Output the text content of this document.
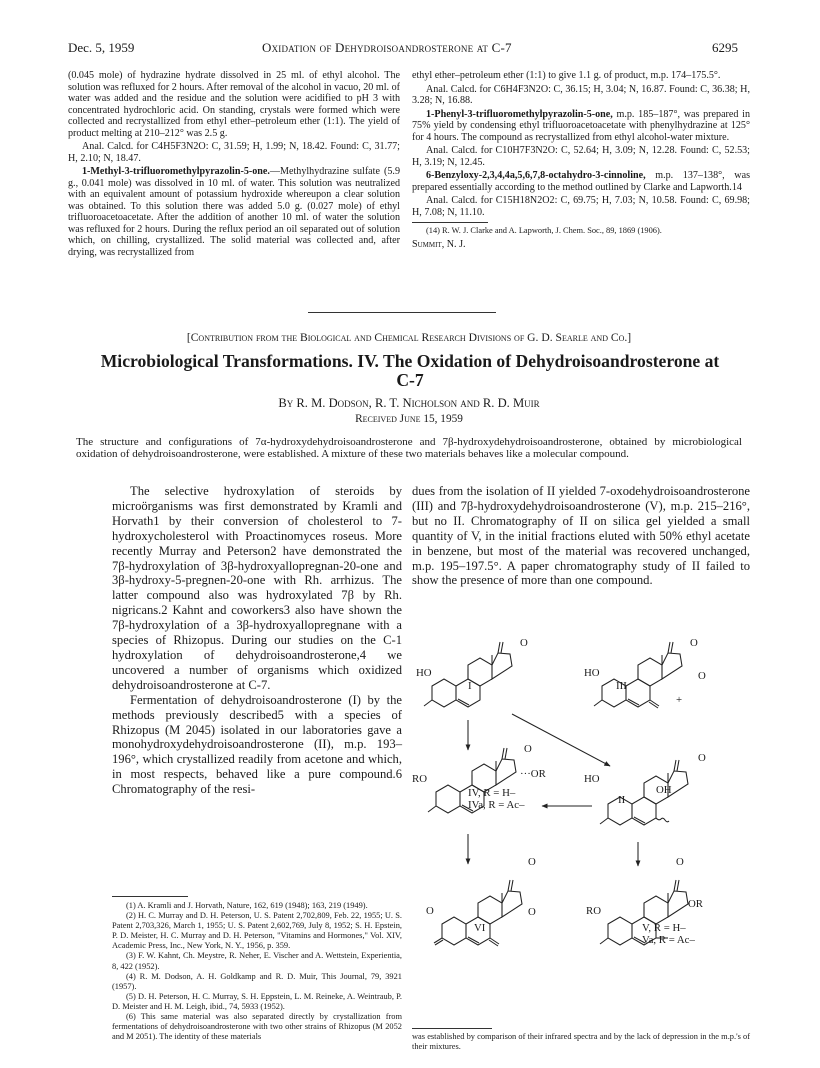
Dec. 5, 1959	Oxidation of Dehydroisoandrosterone at C-7	6295

(0.045 mole) of hydrazine hydrate dissolved in 25 ml. of ethyl alcohol. The solution was refluxed for 2 hours. After removal of the alcohol in vacuo, 20 ml. of water was added and the residue and the solution were acidified to pH 3 with concentrated hydrochloric acid. On standing, crystals were formed which were collected and recrystallized from ethyl ether–petroleum ether (1:1). The yield of product melting at 210–212° was 2.5 g.

Anal. Calcd. for C4H5F3N2O: C, 31.59; H, 1.99; N, 18.42. Found: C, 31.77; H, 2.10; N, 18.47.

1-Methyl-3-trifluoromethylpyrazolin-5-one.—Methylhydrazine sulfate (5.9 g., 0.041 mole) was dissolved in 10 ml. of water. This solution was neutralized with an equivalent amount of potassium hydroxide whereupon a clear solution was obtained. To this solution there was added 5.0 g. (0.027 mole) of ethyl trifluoroacetoacetate. After the addition of another 10 ml. of water the solution was refluxed for 2 hours. During the reflux period an oil separated out of solution which, on chilling, crystallized. The solid material was collected and, after drying, was recrystallized from

ethyl ether–petroleum ether (1:1) to give 1.1 g. of product, m.p. 174–175.5°.

Anal. Calcd. for C6H4F3N2O: C, 36.15; H, 3.04; N, 16.87. Found: C, 36.38; H, 3.28; N, 16.88.

1-Phenyl-3-trifluoromethylpyrazolin-5-one, m.p. 185–187°, was prepared in 75% yield by condensing ethyl trifluoroacetoacetate with phenylhydrazine at 125° for 4 hours. The compound as recrystallized from ethyl alcohol-water mixture.

Anal. Calcd. for C10H7F3N2O: C, 52.64; H, 3.09; N, 12.28. Found: C, 52.53; H, 3.19; N, 12.45.

6-Benzyloxy-2,3,4,4a,5,6,7,8-octahydro-3-cinnoline, m.p. 137–138°, was prepared essentially according to the method outlined by Clarke and Lapworth.14

Anal. Calcd. for C15H18N2O2: C, 69.75; H, 7.03; N, 10.58. Found: C, 69.98; H, 7.08; N, 11.10.

(14) R. W. J. Clarke and A. Lapworth, J. Chem. Soc., 89, 1869 (1906).

Summit, N. J.

[Contribution from the Biological and Chemical Research Divisions of G. D. Searle and Co.]
Microbiological Transformations. IV. The Oxidation of Dehydroisoandrosterone at
C-7
By R. M. Dodson, R. T. Nicholson and R. D. Muir
Received June 15, 1959
The structure and configurations of 7α-hydroxydehydroisoandrosterone and 7β-hydroxydehydroisoandrosterone, obtained by microbiological oxidation of dehydroisoandrosterone, were established. A mixture of these two materials behaves like a molecular compound.

The selective hydroxylation of steroids by microörganisms was first demonstrated by Kramli and Horvath1 by their conversion of cholesterol to 7-hydroxycholesterol with Proactinomyces roseus. More recently Murray and Peterson2 have demonstrated the 7β-hydroxylation of 3β-hydroxyallopregnan-20-one and 3β-hydroxy-5-pregnen-20-one with Rh. arrhizus. The latter compound also was hydroxylated 7β by Rh. nigricans.2 Kahnt and coworkers3 also have shown the 7β-hydroxylation of a 3β-hydroxyallopregnane with a species of Rhizopus. During our studies on the C-1 hydroxylation of dehydroisoandrosterone,4 we uncovered a number of organisms which oxidized dehydroisoandrosterone at C-7.

Fermentation of dehydroisoandrosterone (I) by the methods previously described5 with a species of Rhizopus (M 2045) isolated in our laboratories gave a monohydroxydehydroisoandrosterone (II), m.p. 193–196°, which crystallized readily from acetone and which, in most respects, behaved like a pure compound.6 Chromatography of the resi-

(1) A. Kramli and J. Horvath, Nature, 162, 619 (1948); 163, 219 (1949).

(2) H. C. Murray and D. H. Peterson, U. S. Patent 2,702,809, Feb. 22, 1955; U. S. Patent 2,703,326, March 1, 1955; U. S. Patent 2,602,769, July 8, 1952; S. H. Epstein, P. D. Meister, H. C. Murray and D. H. Peterson, "Vitamins and Hormones," Vol. XIV, Academic Press, Inc., New York, N. Y., 1956, p. 359.

(3) F. W. Kahnt, Ch. Meystre, R. Neher, E. Vischer and A. Wettstein, Experientia, 8, 422 (1952).

(4) R. M. Dodson, A. H. Goldkamp and R. D. Muir, This Journal, 79, 3921 (1957).

(5) D. H. Peterson, H. C. Murray, S. H. Eppstein, L. M. Reineke, A. Weintraub, P. D. Meister and H. M. Leigh, ibid., 74, 5933 (1952).

(6) This same material was also separated directly by crystallization from fermentations of dehydroisoandrosterone with two other strains of Rhizopus (M 2052 and M 2051). The identity of these materials

dues from the isolation of II yielded 7-oxodehydroisoandrosterone (III) and 7β-hydroxydehydroisoandrosterone (V), m.p. 215–216°, but no II. Chromatography of II on silica gel yielded a small quantity of V, in the initial fractions eluted with 50% ethyl acetate in benzene, but most of the material was recovered unchanged, m.p. 195–197.5°. A paper chromatography study of II failed to show the presence of more than one compound.

HO
I
O
HO
III
O
O
+
O
RO	···OR
IV, R = H–
IVa, R = Ac–
O
HO
OH
II
O
O
O	O
VI
RO
OR
V, R = H–
Va, R = Ac–
was established by comparison of their infrared spectra and by the lack of depression in the m.p.'s of their mixtures.
